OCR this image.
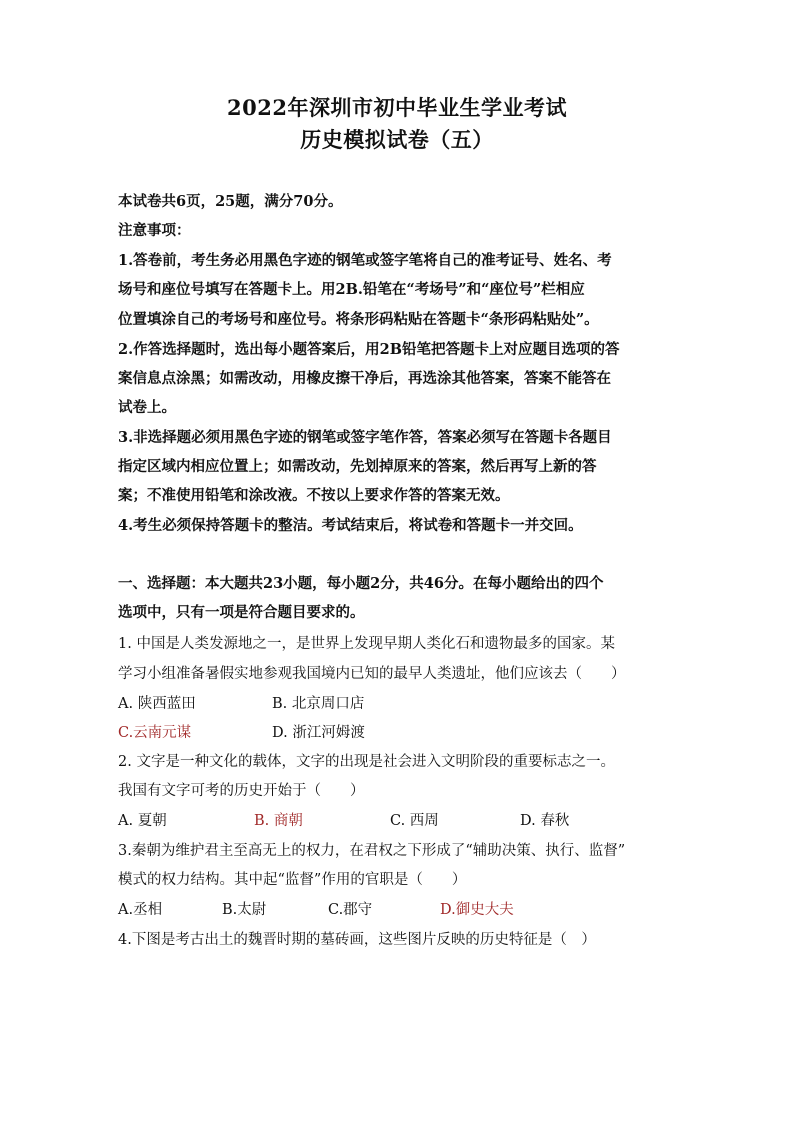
2022年深圳市初中毕业生学业考试
历史模拟试卷（五）
本试卷共6页，25题，满分70分。
注意事项：
1.答卷前，考生务必用黑色字迹的钢笔或签字笔将自己的准考证号、姓名、考
场号和座位号填写在答题卡上。用2B.铅笔在“考场号”和“座位号”栏相应
位置填涂自己的考场号和座位号。将条形码粘贴在答题卡“条形码粘贴处”。
2.作答选择题时，选出每小题答案后，用2B铅笔把答题卡上对应题目选项的答
案信息点涂黑；如需改动，用橡皮擦干净后，再选涂其他答案，答案不能答在
试卷上。
3.非选择题必须用黑色字迹的钢笔或签字笔作答，答案必须写在答题卡各题目
指定区域内相应位置上；如需改动，先划掉原来的答案，然后再写上新的答
案；不准使用铅笔和涂改液。不按以上要求作答的答案无效。
4.考生必须保持答题卡的整洁。考试结束后，将试卷和答题卡一并交回。
一、选择题：本大题共23小题，每小题2分，共46分。在每小题给出的四个
选项中，只有一项是符合题目要求的。
1. 中国是人类发源地之一，是世界上发现早期人类化石和遗物最多的国家。某
学习小组准备暑假实地参观我国境内已知的最早人类遗址，他们应该去（　　）
A. 陕西蓝田	B. 北京周口店
C.云南元谋	D. 浙江河姆渡
2. 文字是一种文化的载体，文字的出现是社会进入文明阶段的重要标志之一。
我国有文字可考的历史开始于（　　）
A. 夏朝	B. 商朝	C. 西周	D. 春秋
3.秦朝为维护君主至高无上的权力，在君权之下形成了“辅助决策、执行、监督”
模式的权力结构。其中起“监督”作用的官职是（　　）
A.丞相	B.太尉	C.郡守	D.御史大夫
4.下图是考古出土的魏晋时期的墓砖画，这些图片反映的历史特征是（　）
